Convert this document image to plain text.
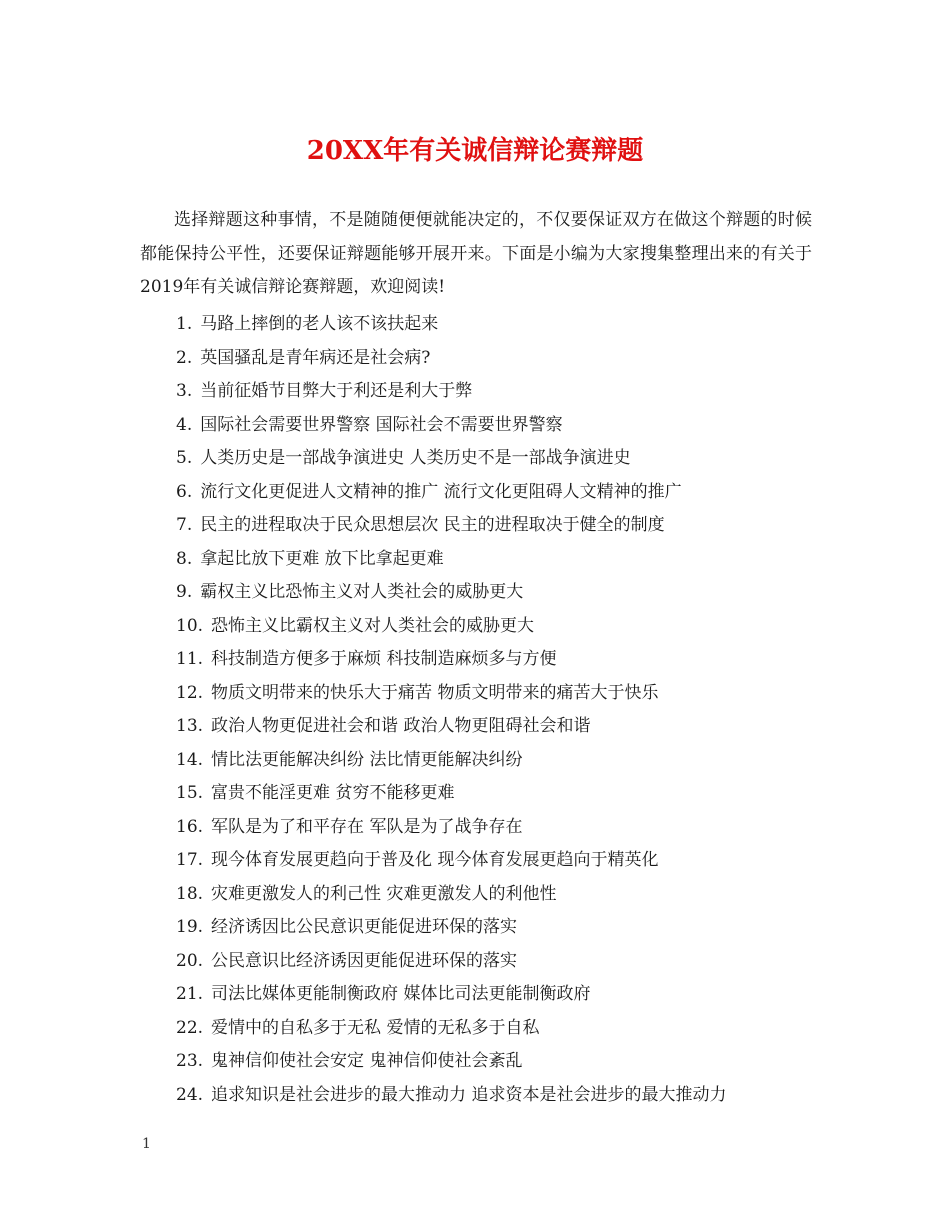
20XX年有关诚信辩论赛辩题

选择辩题这种事情，不是随随便便就能决定的，不仅要保证双方在做这个辩题的时候都能保持公平性，还要保证辩题能够开展开来。下面是小编为大家搜集整理出来的有关于2019年有关诚信辩论赛辩题，欢迎阅读!

1. 马路上摔倒的老人该不该扶起来
2. 英国骚乱是青年病还是社会病?
3. 当前征婚节目弊大于利还是利大于弊
4. 国际社会需要世界警察 国际社会不需要世界警察
5. 人类历史是一部战争演进史 人类历史不是一部战争演进史
6. 流行文化更促进人文精神的推广 流行文化更阻碍人文精神的推广
7. 民主的进程取决于民众思想层次 民主的进程取决于健全的制度
8. 拿起比放下更难 放下比拿起更难
9. 霸权主义比恐怖主义对人类社会的威胁更大
10. 恐怖主义比霸权主义对人类社会的威胁更大
11. 科技制造方便多于麻烦 科技制造麻烦多与方便
12. 物质文明带来的快乐大于痛苦 物质文明带来的痛苦大于快乐
13. 政治人物更促进社会和谐 政治人物更阻碍社会和谐
14. 情比法更能解决纠纷 法比情更能解决纠纷
15. 富贵不能淫更难 贫穷不能移更难
16. 军队是为了和平存在 军队是为了战争存在
17. 现今体育发展更趋向于普及化 现今体育发展更趋向于精英化
18. 灾难更激发人的利己性 灾难更激发人的利他性
19. 经济诱因比公民意识更能促进环保的落实
20. 公民意识比经济诱因更能促进环保的落实
21. 司法比媒体更能制衡政府 媒体比司法更能制衡政府
22. 爱情中的自私多于无私 爱情的无私多于自私
23. 鬼神信仰使社会安定 鬼神信仰使社会紊乱
24. 追求知识是社会进步的最大推动力 追求资本是社会进步的最大推动力
1
